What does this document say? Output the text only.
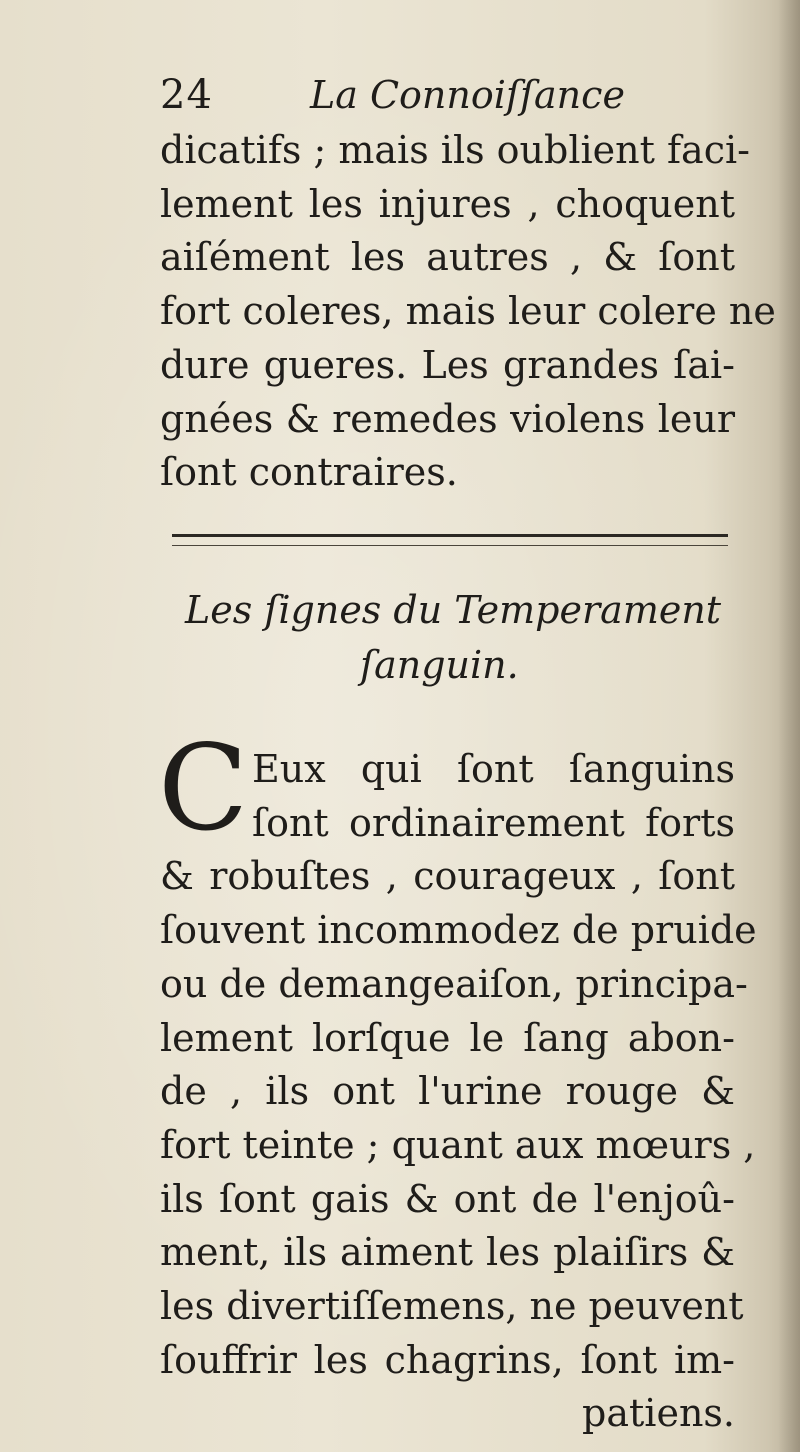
24	La Connoiſſance
dicatifs ; mais ils oublient faci-
lement les injures , choquent
aiſément les autres , & ſont
fort coleres, mais leur colere ne
dure gueres. Les grandes ſai-
gnées & remedes violens leur
ſont contraires.
Les ſignes du Temperament
ſanguin.
C Eux qui ſont ſanguins
ſont ordinairement forts
& robuſtes , courageux , ſont
ſouvent incommodez de pruide
ou de demangeaiſon, principa-
lement lorſque le ſang abon-
de , ils ont l'urine rouge &
fort teinte ; quant aux mœurs ,
ils ſont gais & ont de l'enjoû-
ment, ils aiment les plaiſirs &
les divertiſſemens, ne peuvent
ſouffrir les chagrins, ſont im-
patiens.
